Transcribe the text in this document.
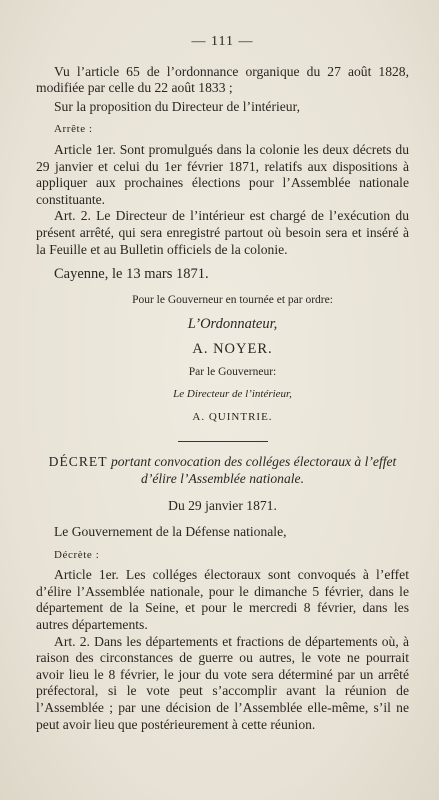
— 111 —

Vu l’article 65 de l’ordonnance organique du 27 août 1828, modifiée par celle du 22 août 1833 ;

Sur la proposition du Directeur de l’intérieur,

Arrête :

Article 1er. Sont promulgués dans la colonie les deux décrets du 29 janvier et celui du 1er février 1871, relatifs aux dispositions à appliquer aux prochaines élections pour l’Assemblée nationale constituante.

Art. 2. Le Directeur de l’intérieur est chargé de l’exécution du présent arrêté, qui sera enregistré partout où besoin sera et inséré à la Feuille et au Bulletin officiels de la colonie.

Cayenne, le 13 mars 1871.

Pour le Gouverneur en tournée et par ordre:
L’Ordonnateur,
A. NOYER.
Par le Gouverneur:
Le Directeur de l’intérieur,
A. QUINTRIE.
DÉCRET portant convocation des colléges électoraux à l’effet d’élire l’Assemblée nationale.
Du 29 janvier 1871.

Le Gouvernement de la Défense nationale,

Décrète :

Article 1er. Les colléges électoraux sont convoqués à l’effet d’élire l’Assemblée nationale, pour le dimanche 5 février, dans le département de la Seine, et pour le mercredi 8 février, dans les autres départements.

Art. 2. Dans les départements et fractions de départements où, à raison des circonstances de guerre ou autres, le vote ne pourrait avoir lieu le 8 février, le jour du vote sera déterminé par un arrêté préfectoral, si le vote peut s’accomplir avant la réunion de l’Assemblée ; par une décision de l’Assemblée elle-même, s’il ne peut avoir lieu que postérieurement à cette réunion.
